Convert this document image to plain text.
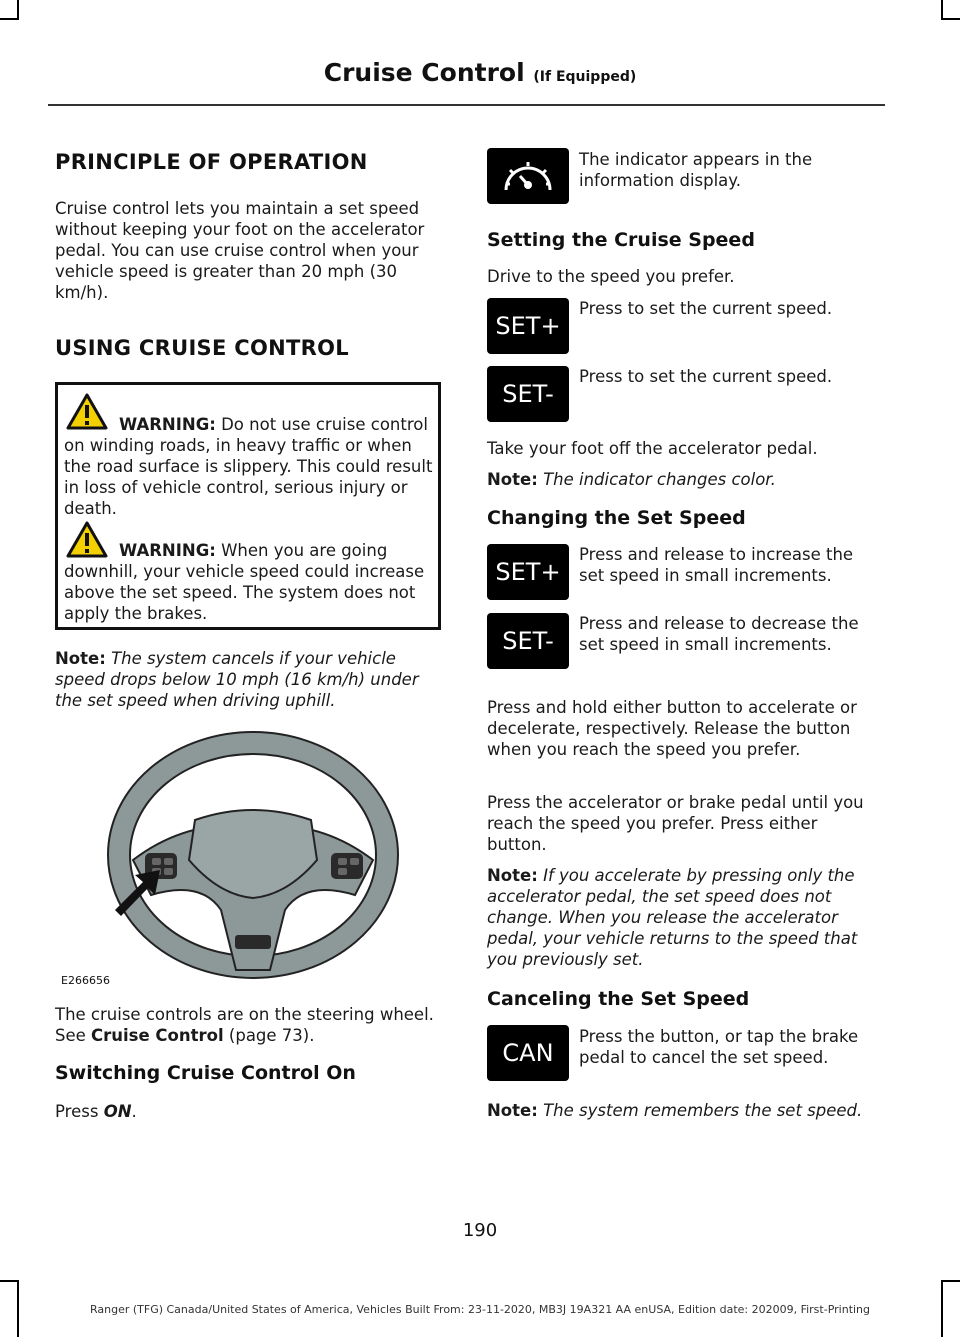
Cruise Control (If Equipped)
PRINCIPLE OF OPERATION
Cruise control lets you maintain a set speed without keeping your foot on the accelerator pedal. You can use cruise control when your vehicle speed is greater than 20 mph (30 km/h).
USING CRUISE CONTROL
WARNING: Do not use cruise control on winding roads, in heavy traffic or when the road surface is slippery. This could result in loss of vehicle control, serious injury or death.
WARNING: When you are going downhill, your vehicle speed could increase above the set speed. The system does not apply the brakes.
Note: The system cancels if your vehicle speed drops below 10 mph (16 km/h) under the set speed when driving uphill.
E266656
The cruise controls are on the steering wheel. See Cruise Control (page 73).
Switching Cruise Control On
Press ON.
The indicator appears in the information display.
Setting the Cruise Speed
Drive to the speed you prefer.
SET+
Press to set the current speed.
SET-
Press to set the current speed.
Take your foot off the accelerator pedal.
Note: The indicator changes color.
Changing the Set Speed
SET+
Press and release to increase the set speed in small increments.
SET-
Press and release to decrease the set speed in small increments.
Press and hold either button to accelerate or decelerate, respectively. Release the button when you reach the speed you prefer.
Press the accelerator or brake pedal until you reach the speed you prefer. Press either button.
Note: If you accelerate by pressing only the accelerator pedal, the set speed does not change. When you release the accelerator pedal, your vehicle returns to the speed that you previously set.
Canceling the Set Speed
CAN
Press the button, or tap the brake pedal to cancel the set speed.
Note: The system remembers the set speed.
190
Ranger (TFG) Canada/United States of America, Vehicles Built From: 23-11-2020, MB3J 19A321 AA enUSA, Edition date: 202009, First-Printing
